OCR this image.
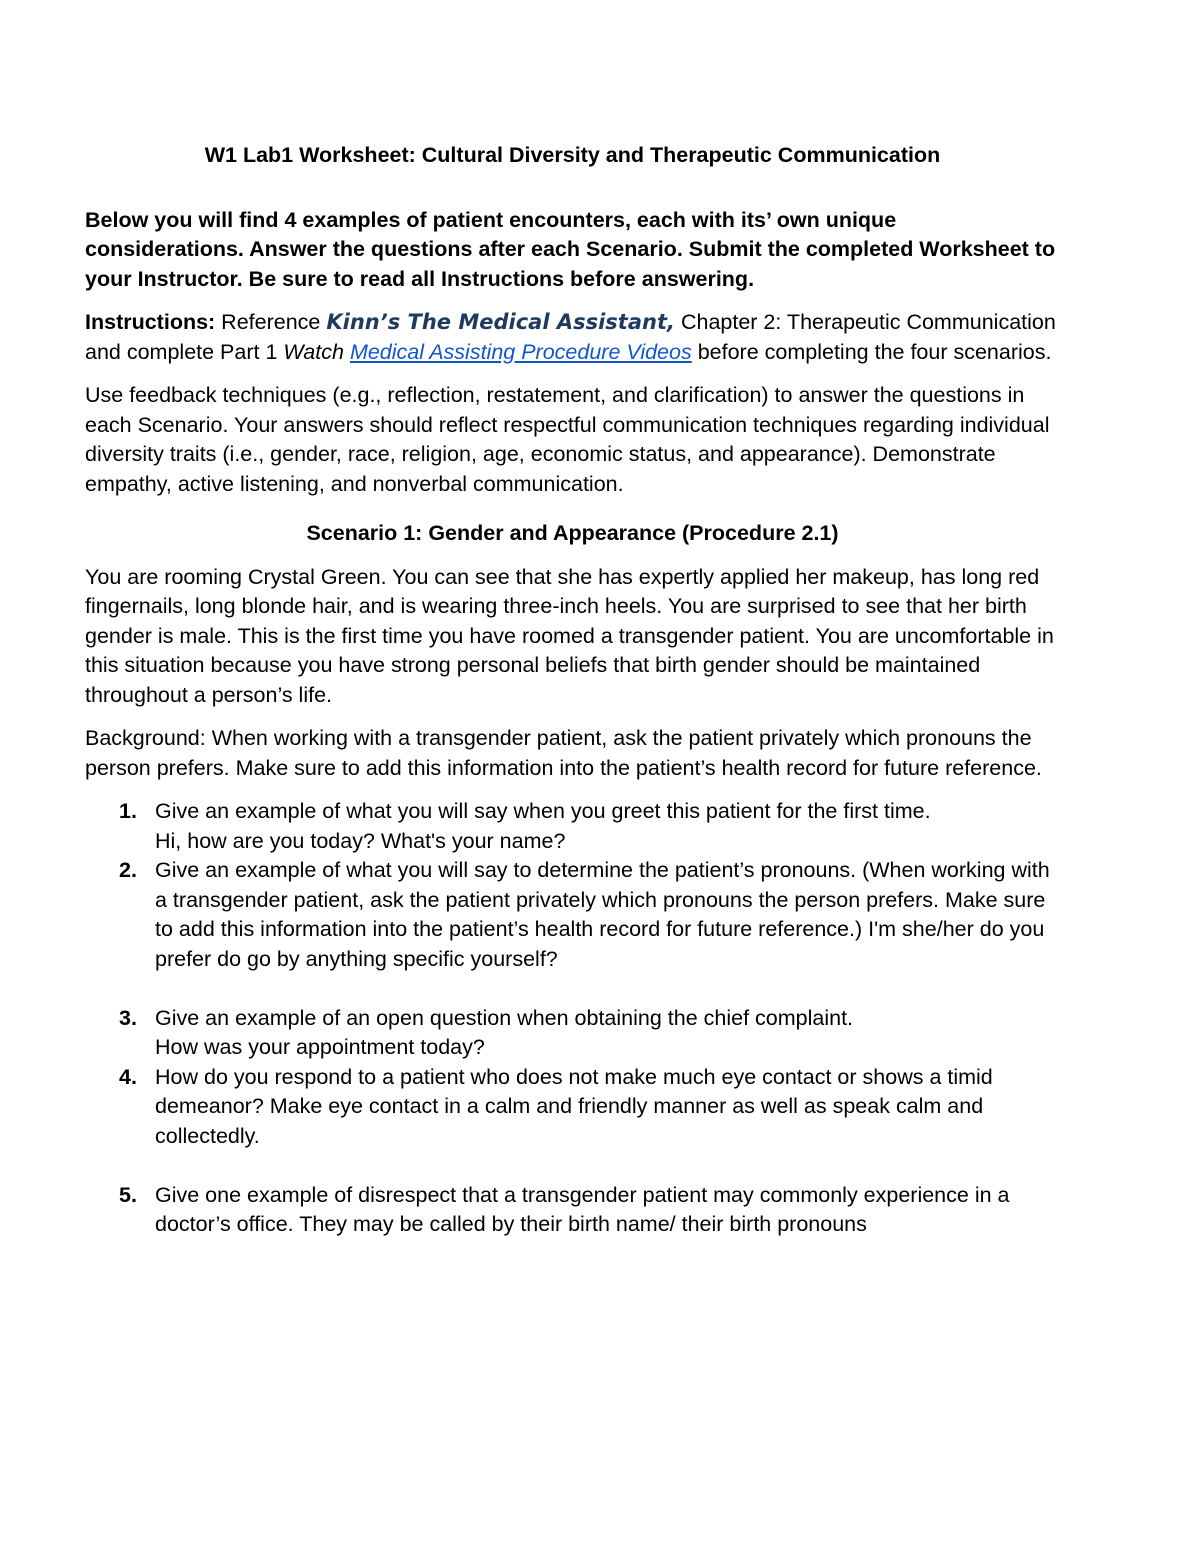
W1 Lab1 Worksheet: Cultural Diversity and Therapeutic Communication

Below you will find 4 examples of patient encounters, each with its’ own unique considerations. Answer the questions after each Scenario. Submit the completed Worksheet to your Instructor. Be sure to read all Instructions before answering.

Instructions: Reference Kinn’s The Medical Assistant, Chapter 2: Therapeutic Communication and complete Part 1 Watch Medical Assisting Procedure Videos before completing the four scenarios.

Use feedback techniques (e.g., reflection, restatement, and clarification) to answer the questions in each Scenario. Your answers should reflect respectful communication techniques regarding individual diversity traits (i.e., gender, race, religion, age, economic status, and appearance). Demonstrate empathy, active listening, and nonverbal communication.

Scenario 1: Gender and Appearance (Procedure 2.1)

You are rooming Crystal Green. You can see that she has expertly applied her makeup, has long red fingernails, long blonde hair, and is wearing three-inch heels. You are surprised to see that her birth gender is male. This is the first time you have roomed a transgender patient. You are uncomfortable in this situation because you have strong personal beliefs that birth gender should be maintained throughout a person’s life.

Background: When working with a transgender patient, ask the patient privately which pronouns the person prefers. Make sure to add this information into the patient’s health record for future reference.

1. Give an example of what you will say when you greet this patient for the first time.
Hi, how are you today? What's your name?
2. Give an example of what you will say to determine the patient’s pronouns. (When working with a transgender patient, ask the patient privately which pronouns the person prefers. Make sure to add this information into the patient’s health record for future reference.) I'm she/her do you prefer do go by anything specific yourself?
3. Give an example of an open question when obtaining the chief complaint.
How was your appointment today?
4. How do you respond to a patient who does not make much eye contact or shows a timid demeanor? Make eye contact in a calm and friendly manner as well as speak calm and collectedly.
5. Give one example of disrespect that a transgender patient may commonly experience in a doctor’s office. They may be called by their birth name/ their birth pronouns
